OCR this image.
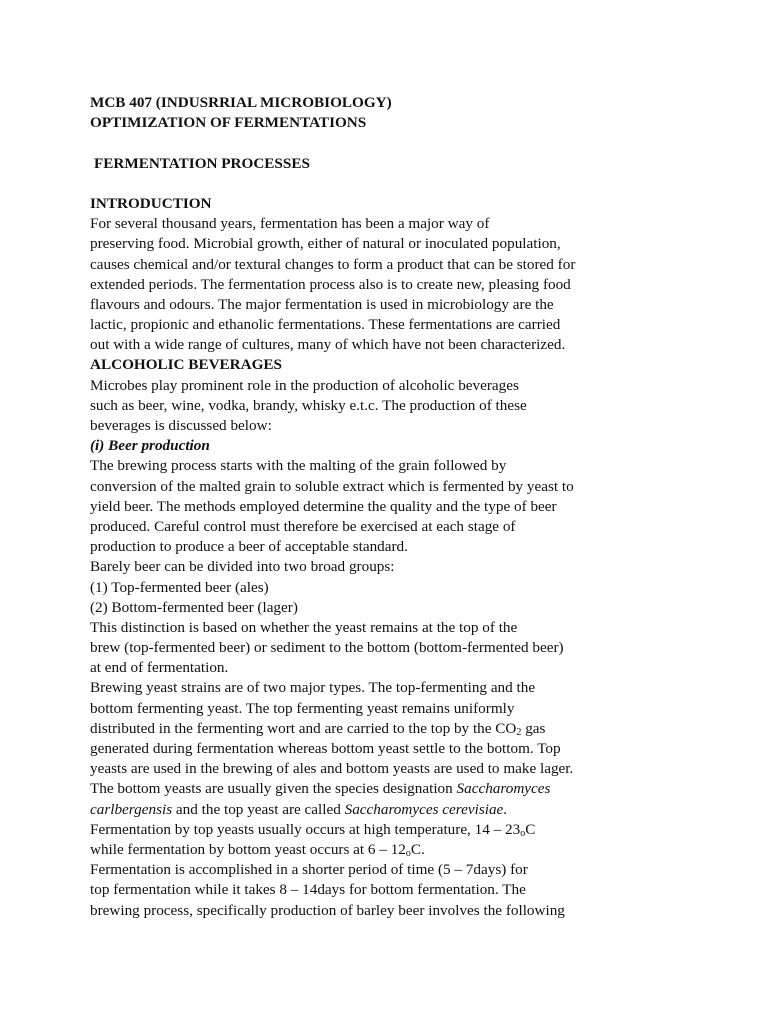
MCB 407 (INDUSRRIAL MICROBIOLOGY)
OPTIMIZATION OF FERMENTATIONS
FERMENTATION PROCESSES
INTRODUCTION
For several thousand years, fermentation has been a major way of
preserving food. Microbial growth, either of natural or inoculated population,
causes chemical and/or textural changes to form a product that can be stored for
extended periods. The fermentation process also is to create new, pleasing food
flavours and odours. The major fermentation is used in microbiology are the
lactic, propionic and ethanolic fermentations. These fermentations are carried
out with a wide range of cultures, many of which have not been characterized.
ALCOHOLIC BEVERAGES
Microbes play prominent role in the production of alcoholic beverages
such as beer, wine, vodka, brandy, whisky e.t.c. The production of these
beverages is discussed below:
(i) Beer production
The brewing process starts with the malting of the grain followed by
conversion of the malted grain to soluble extract which is fermented by yeast to
yield beer. The methods employed determine the quality and the type of beer
produced. Careful control must therefore be exercised at each stage of
production to produce a beer of acceptable standard.
Barely beer can be divided into two broad groups:
(1) Top-fermented beer (ales)
(2) Bottom-fermented beer (lager)
This distinction is based on whether the yeast remains at the top of the
brew (top-fermented beer) or sediment to the bottom (bottom-fermented beer)
at end of fermentation.
Brewing yeast strains are of two major types. The top-fermenting and the
bottom fermenting yeast. The top fermenting yeast remains uniformly
distributed in the fermenting wort and are carried to the top by the $CO_2$ gas
generated during fermentation whereas bottom yeast settle to the bottom. Top
yeasts are used in the brewing of ales and bottom yeasts are used to make lager.
The bottom yeasts are usually given the species designation Saccharomyces
carlbergensis and the top yeast are called Saccharomyces cerevisiae.
Fermentation by top yeasts usually occurs at high temperature, $14 - 23_oC$
while fermentation by bottom yeast occurs at $6 - 12_oC$.
Fermentation is accomplished in a shorter period of time (5 – 7days) for
top fermentation while it takes 8 – 14days for bottom fermentation. The
brewing process, specifically production of barley beer involves the following
